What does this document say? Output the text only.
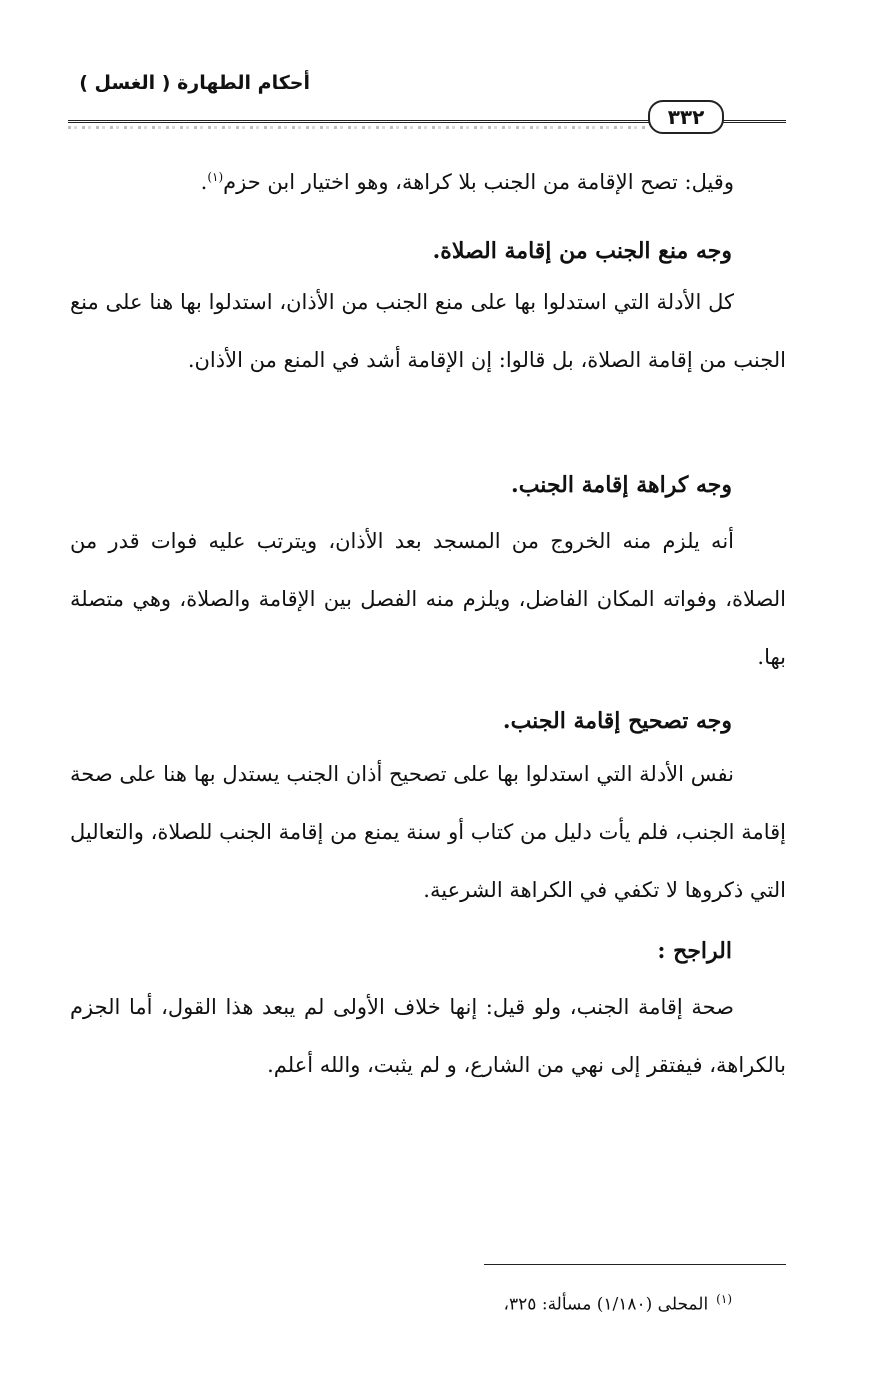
أحكام الطهارة ( الغسل )
٣٣٢

وقيل: تصح الإقامة من الجنب بلا كراهة، وهو اختيار ابن حزم$^{(١)}$.

وجه منع الجنب من إقامة الصلاة.

كل الأدلة التي استدلوا بها على منع الجنب من الأذان، استدلوا بها هنا على منع الجنب من إقامة الصلاة، بل قالوا: إن الإقامة أشد في المنع من الأذان.

وجه كراهة إقامة الجنب.

أنه يلزم منه الخروج من المسجد بعد الأذان، ويترتب عليه فوات قدر من الصلاة، وفواته المكان الفاضل، ويلزم منه الفصل بين الإقامة والصلاة، وهي متصلة بها.

وجه تصحيح إقامة الجنب.

نفس الأدلة التي استدلوا بها على تصحيح أذان الجنب يستدل بها هنا على صحة إقامة الجنب، فلم يأت دليل من كتاب أو سنة يمنع من إقامة الجنب للصلاة، والتعاليل التي ذكروها لا تكفي في الكراهة الشرعية.

الراجح :

صحة إقامة الجنب، ولو قيل: إنها خلاف الأولى لم يبعد هذا القول، أما الجزم بالكراهة، فيفتقر إلى نهي من الشارع، و لم يثبت، والله أعلم.

$^{(١)}$المحلى (١/١٨٠) مسألة: ٣٢٥،
